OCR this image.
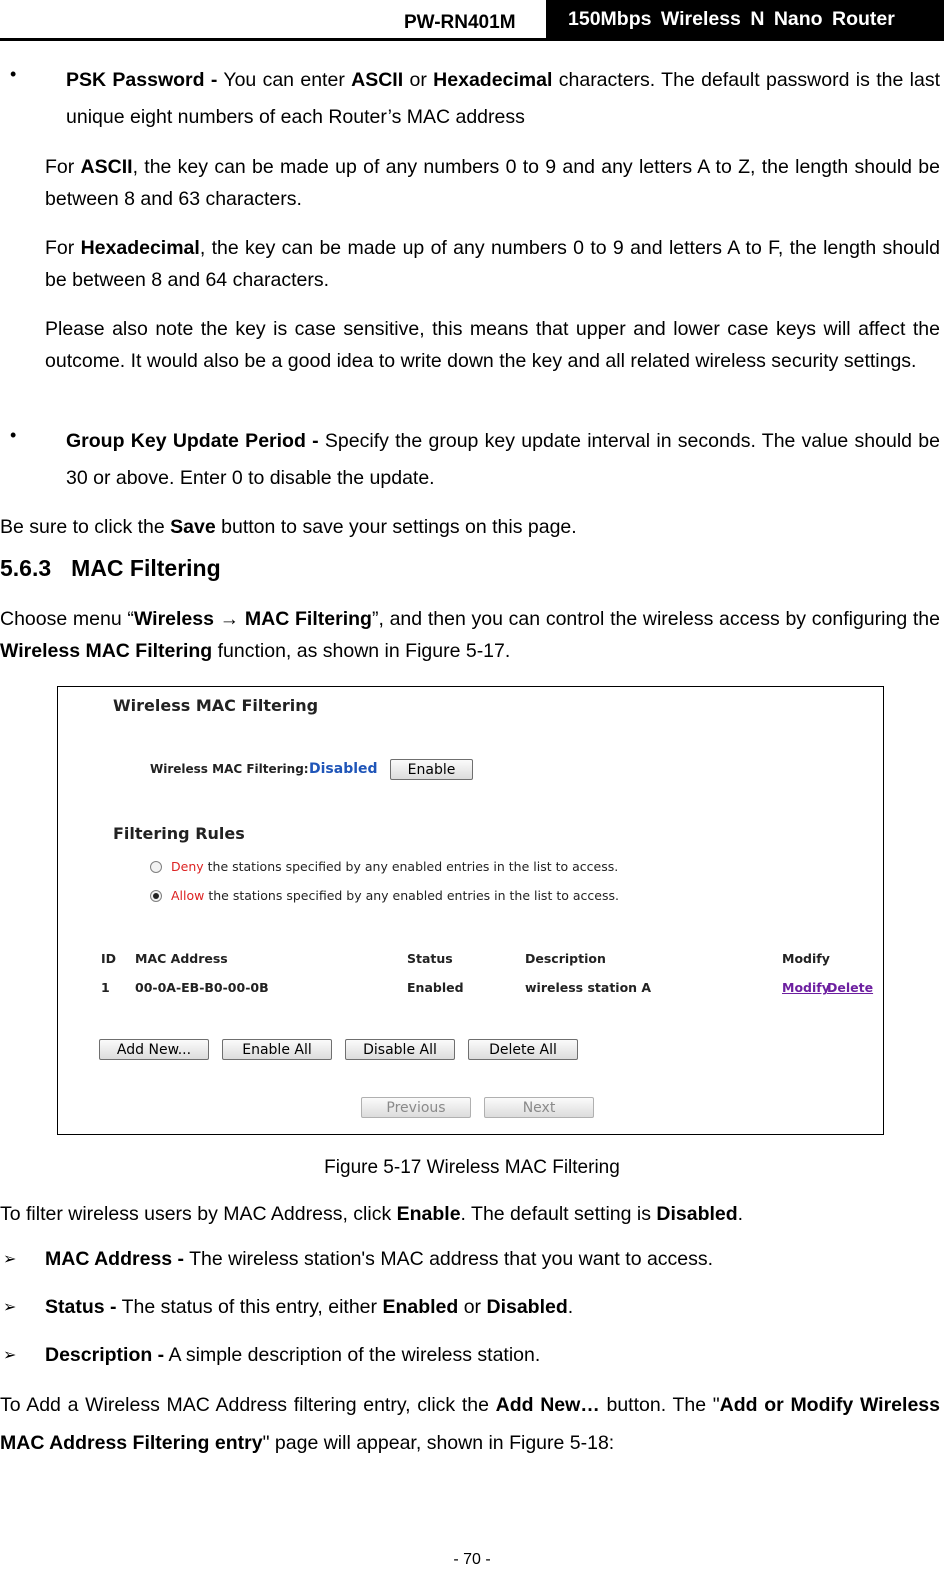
PW-RN401M	150Mbps Wireless N Nano Router
•	PSK Password - You can enter ASCII or Hexadecimal characters. The default password is the last unique eight numbers of each Router’s MAC address
For ASCII, the key can be made up of any numbers 0 to 9 and any letters A to Z, the length should be between 8 and 63 characters.
For Hexadecimal, the key can be made up of any numbers 0 to 9 and letters A to F, the length should be between 8 and 64 characters.
Please also note the key is case sensitive, this means that upper and lower case keys will affect the outcome. It would also be a good idea to write down the key and all related wireless security settings.
•	Group Key Update Period - Specify the group key update interval in seconds. The value should be 30 or above. Enter 0 to disable the update.
Be sure to click the Save button to save your settings on this page.
5.6.3 MAC Filtering
Choose menu “Wireless → MAC Filtering”, and then you can control the wireless access by configuring the Wireless MAC Filtering function, as shown in Figure 5-17.
Wireless MAC Filtering
Wireless MAC Filtering: Disabled	Enable
Filtering Rules
Deny the stations specified by any enabled entries in the list to access.
Allow the stations specified by any enabled entries in the list to access.
ID MAC Address	Status	Description	Modify
1 00-0A-EB-B0-00-0B	Enabled	wireless station A	Modify
Delete
Add New...	Enable All	Disable All	Delete All
Previous	Next
Figure 5-17 Wireless MAC Filtering
To filter wireless users by MAC Address, click Enable. The default setting is Disabled.
➢ MAC Address - The wireless station's MAC address that you want to access.
➢ Status - The status of this entry, either Enabled or Disabled.
➢ Description - A simple description of the wireless station.
To Add a Wireless MAC Address filtering entry, click the Add New… button. The "Add or Modify Wireless MAC Address Filtering entry" page will appear, shown in Figure 5-18:
- 70 -
